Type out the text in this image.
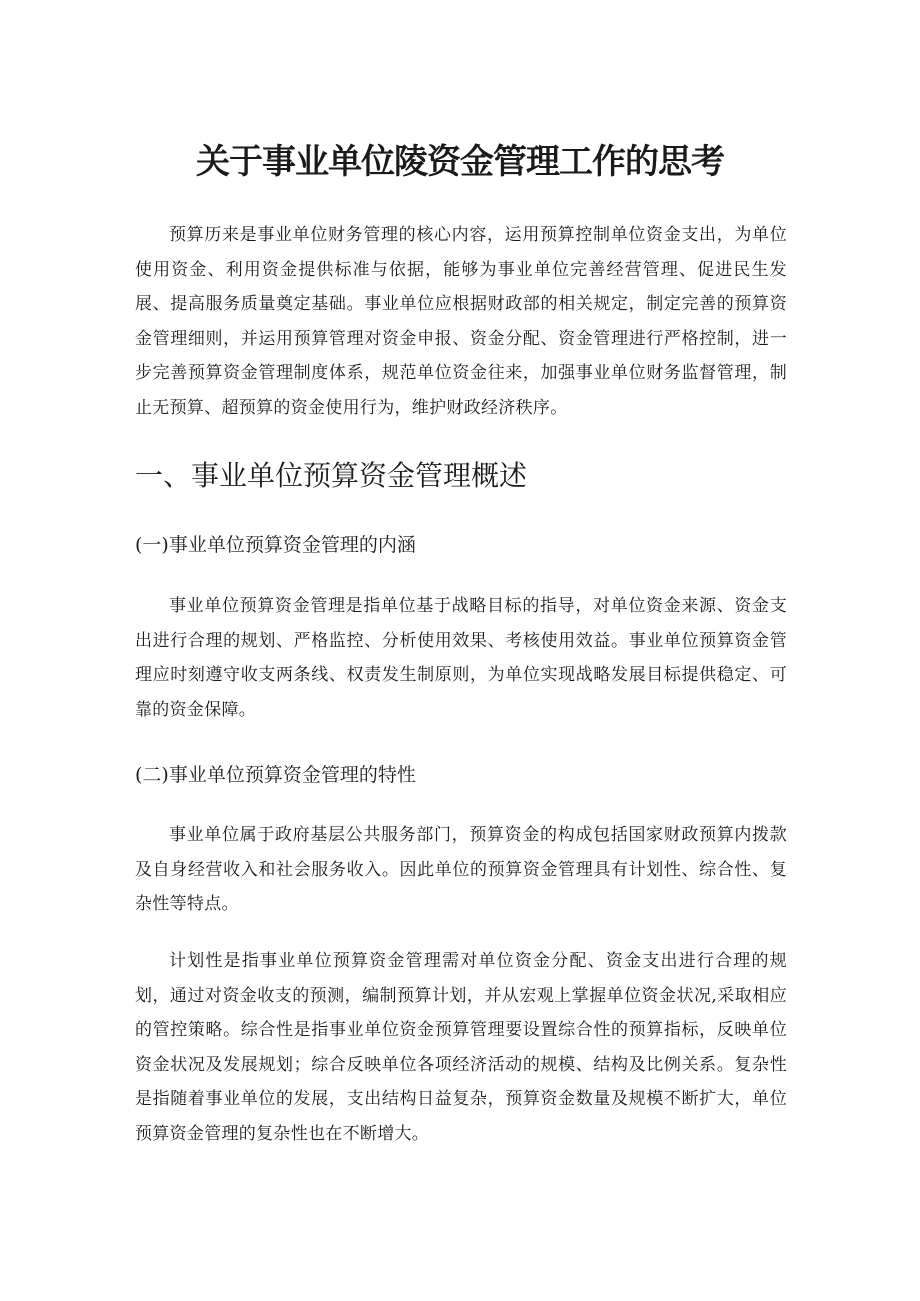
关于事业单位陵资金管理工作的思考

预算历来是事业单位财务管理的核心内容，运用预算控制单位资金支出，为单位使用资金、利用资金提供标准与依据，能够为事业单位完善经营管理、促进民生发展、提高服务质量奠定基础。事业单位应根据财政部的相关规定，制定完善的预算资金管理细则，并运用预算管理对资金申报、资金分配、资金管理进行严格控制，进一步完善预算资金管理制度体系，规范单位资金往来，加强事业单位财务监督管理，制止无预算、超预算的资金使用行为，维护财政经济秩序。

一、事业单位预算资金管理概述
(一)事业单位预算资金管理的内涵

事业单位预算资金管理是指单位基于战略目标的指导，对单位资金来源、资金支出进行合理的规划、严格监控、分析使用效果、考核使用效益。事业单位预算资金管理应时刻遵守收支两条线、权责发生制原则，为单位实现战略发展目标提供稳定、可靠的资金保障。

(二)事业单位预算资金管理的特性

事业单位属于政府基层公共服务部门，预算资金的构成包括国家财政预算内拨款及自身经营收入和社会服务收入。因此单位的预算资金管理具有计划性、综合性、复杂性等特点。

计划性是指事业单位预算资金管理需对单位资金分配、资金支出进行合理的规划，通过对资金收支的预测，编制预算计划，并从宏观上掌握单位资金状况,采取相应的管控策略。综合性是指事业单位资金预算管理要设置综合性的预算指标，反映单位资金状况及发展规划；综合反映单位各项经济活动的规模、结构及比例关系。复杂性是指随着事业单位的发展，支出结构日益复杂，预算资金数量及规模不断扩大，单位预算资金管理的复杂性也在不断增大。
